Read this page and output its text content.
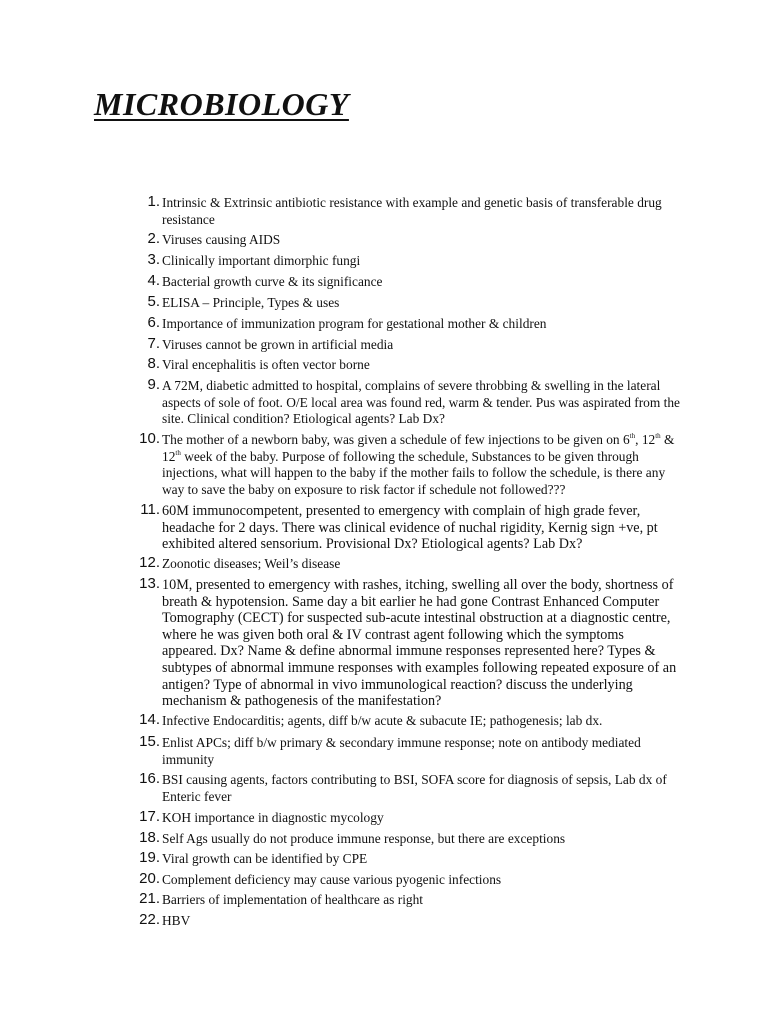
MICROBIOLOGY
1. Intrinsic & Extrinsic antibiotic resistance with example and genetic basis of transferable drug resistance
2. Viruses causing AIDS
3. Clinically important dimorphic fungi
4. Bacterial growth curve & its significance
5. ELISA – Principle, Types & uses
6. Importance of immunization program for gestational mother & children
7. Viruses cannot be grown in artificial media
8. Viral encephalitis is often vector borne
9. A 72M, diabetic admitted to hospital, complains of severe throbbing & swelling in the lateral aspects of sole of foot. O/E local area was found red, warm & tender. Pus was aspirated from the site. Clinical condition? Etiological agents? Lab Dx?
10. The mother of a newborn baby, was given a schedule of few injections to be given on 6th, 12th & 12th week of the baby. Purpose of following the schedule, Substances to be given through injections, what will happen to the baby if the mother fails to follow the schedule, is there any way to save the baby on exposure to risk factor if schedule not followed???
11. 60M immunocompetent, presented to emergency with complain of high grade fever, headache for 2 days. There was clinical evidence of nuchal rigidity, Kernig sign +ve, pt exhibited altered sensorium. Provisional Dx? Etiological agents? Lab Dx?
12. Zoonotic diseases; Weil’s disease
13. 10M, presented to emergency with rashes, itching, swelling all over the body, shortness of breath & hypotension. Same day a bit earlier he had gone Contrast Enhanced Computer Tomography (CECT) for suspected sub-acute intestinal obstruction at a diagnostic centre, where he was given both oral & IV contrast agent following which the symptoms appeared. Dx? Name & define abnormal immune responses represented here? Types & subtypes of abnormal immune responses with examples following repeated exposure of an antigen? Type of abnormal in vivo immunological reaction? discuss the underlying mechanism & pathogenesis of the manifestation?
14. Infective Endocarditis; agents, diff b/w acute & subacute IE; pathogenesis; lab dx.
15. Enlist APCs; diff b/w primary & secondary immune response; note on antibody mediated immunity
16. BSI causing agents, factors contributing to BSI, SOFA score for diagnosis of sepsis, Lab dx of Enteric fever
17. KOH importance in diagnostic mycology
18. Self Ags usually do not produce immune response, but there are exceptions
19. Viral growth can be identified by CPE
20. Complement deficiency may cause various pyogenic infections
21. Barriers of implementation of healthcare as right
22. HBV
